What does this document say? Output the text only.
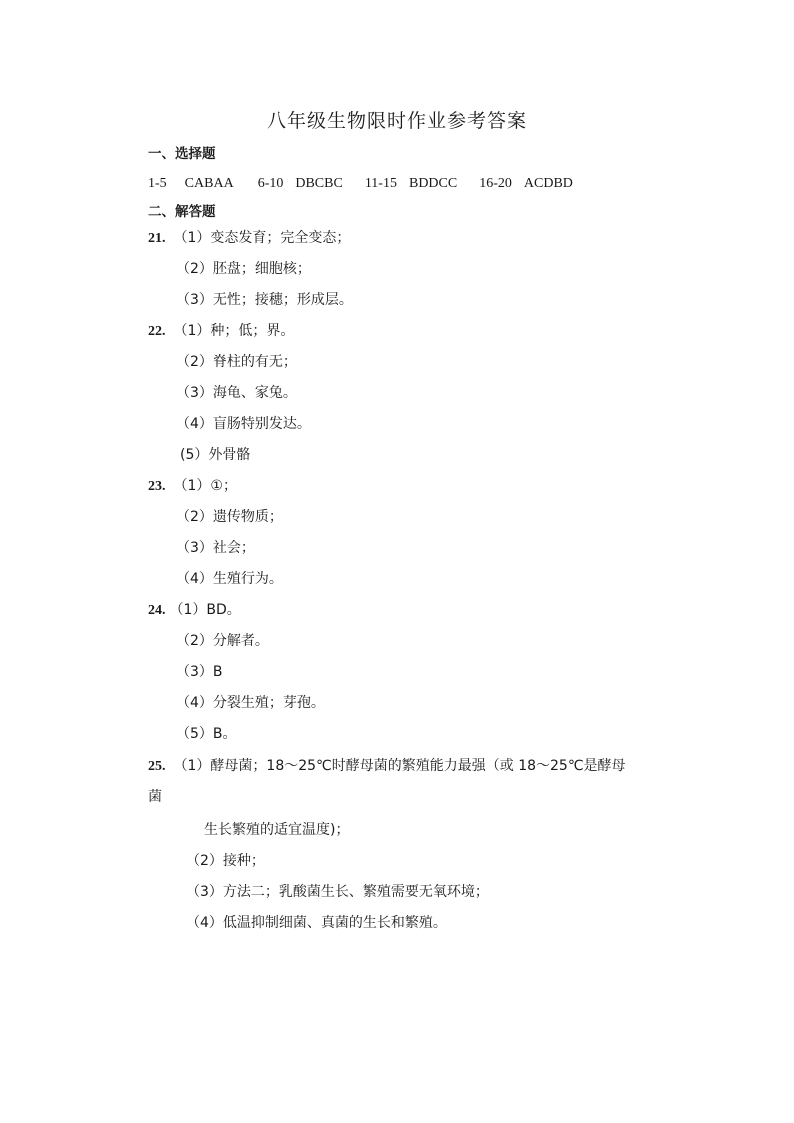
八年级生物限时作业参考答案
一、选择题
1-5 CABAA 6-10 DBCBC 11-15 BDDCC 16-20 ACDBD
二、解答题
21. （1）变态发育；完全变态；
（2）胚盘；细胞核；
（3）无性；接穗；形成层。
22. （1）种；低；界。
（2）脊柱的有无；
（3）海龟、家兔。
（4）盲肠特别发达。
(5）外骨骼
23. （1）①；
（2）遗传物质；
（3）社会；
（4）生殖行为。
24. （1）BD。
（2）分解者。
（3）B
（4）分裂生殖；芽孢。
（5）B。
25. （1）酵母菌；18～25℃时酵母菌的繁殖能力最强（或 18～25℃是酵母
菌
生长繁殖的适宜温度)；
（2）接种；
（3）方法二；乳酸菌生长、繁殖需要无氧环境；
（4）低温抑制细菌、真菌的生长和繁殖。
